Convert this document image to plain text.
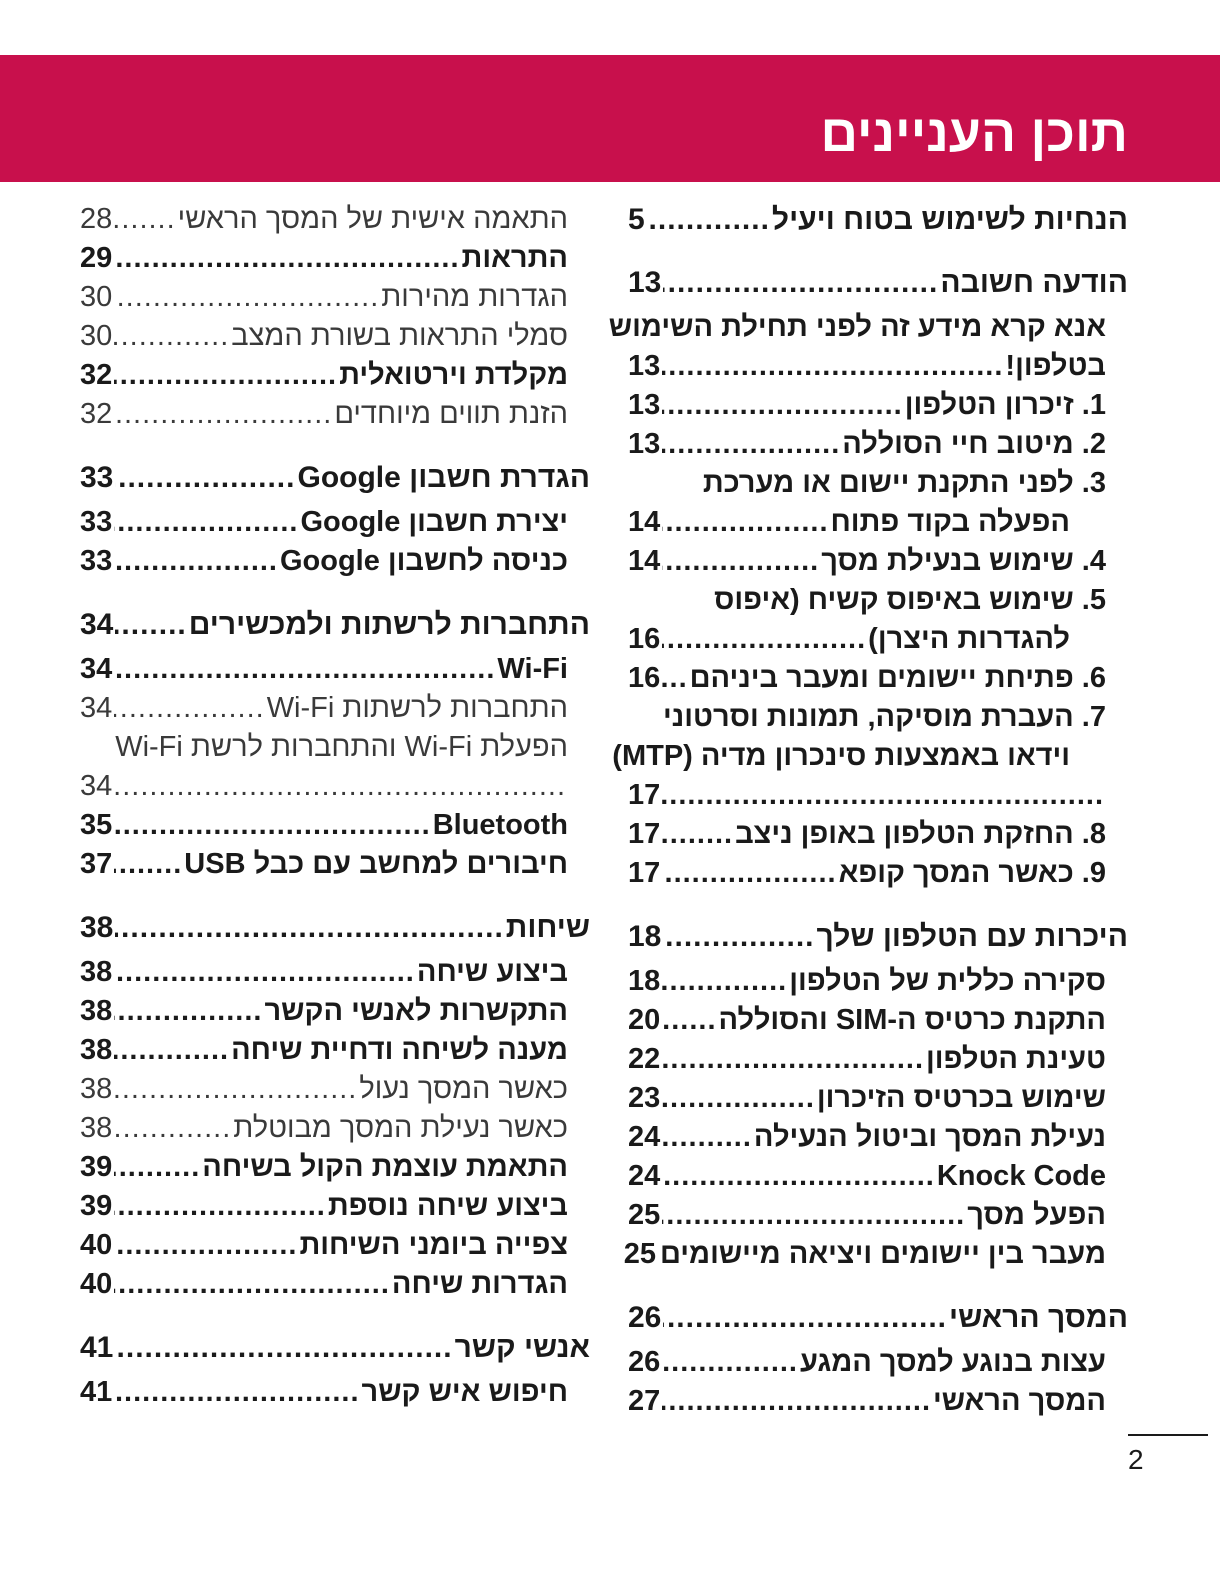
תוכן העניינים
הנחיות לשימוש בטוח ויעיל
.....
5
הודעה חשובה
.....
13
אנא קרא מידע זה לפני תחילת השימוש
בטלפון!
.....
13
1. זיכרון הטלפון
.....
13
2. מיטוב חיי הסוללה
.....
13
3. לפני התקנת יישום או מערכת
הפעלה בקוד פתוח
.....
14
4. שימוש בנעילת מסך
.....
14
5. שימוש באיפוס קשיח (איפוס
להגדרות היצרן)
.....
16
6. פתיחת יישומים ומעבר ביניהם
.....
16
7. העברת מוסיקה, תמונות וסרטוני
וידאו באמצעות סינכרון מדיה (MTP)
.....
17
8. החזקת הטלפון באופן ניצב
.....
17
9. כאשר המסך קופא
.....
17
היכרות עם הטלפון שלך
.....
18
סקירה כללית של הטלפון
.....
18
התקנת כרטיס ה-SIM והסוללה
.....
20
טעינת הטלפון
.....
22
שימוש בכרטיס הזיכרון
.....
23
נעילת המסך וביטול הנעילה
.....
24
Knock Code
.....
24
הפעל מסך
.....
25
מעבר בין יישומים ויציאה מיישומים
25
המסך הראשי
.....
26
עצות בנוגע למסך המגע
.....
26
המסך הראשי
.....
27
התאמה אישית של המסך הראשי
.....
28
התראות
.....
29
הגדרות מהירות
.....
30
סמלי התראות בשורת המצב
.....
30
מקלדת וירטואלית
.....
32
הזנת תווים מיוחדים
.....
32
הגדרת חשבון Google
.....
33
יצירת חשבון Google
.....
33
כניסה לחשבון Google
.....
33
התחברות לרשתות ולמכשירים
.....
34
Wi-Fi
.....
34
התחברות לרשתות Wi-Fi
.....
34
הפעלת Wi-Fi והתחברות לרשת Wi-Fi
.....
34
Bluetooth
.....
35
חיבורים למחשב עם כבל USB
.....
37
שיחות
.....
38
ביצוע שיחה
.....
38
התקשרות לאנשי הקשר
.....
38
מענה לשיחה ודחיית שיחה
.....
38
כאשר המסך נעול
.....
38
כאשר נעילת המסך מבוטלת
.....
38
התאמת עוצמת הקול בשיחה
.....
39
ביצוע שיחה נוספת
.....
39
צפייה ביומני השיחות
.....
40
הגדרות שיחה
.....
40
אנשי קשר
.....
41
חיפוש איש קשר
.....
41
2
